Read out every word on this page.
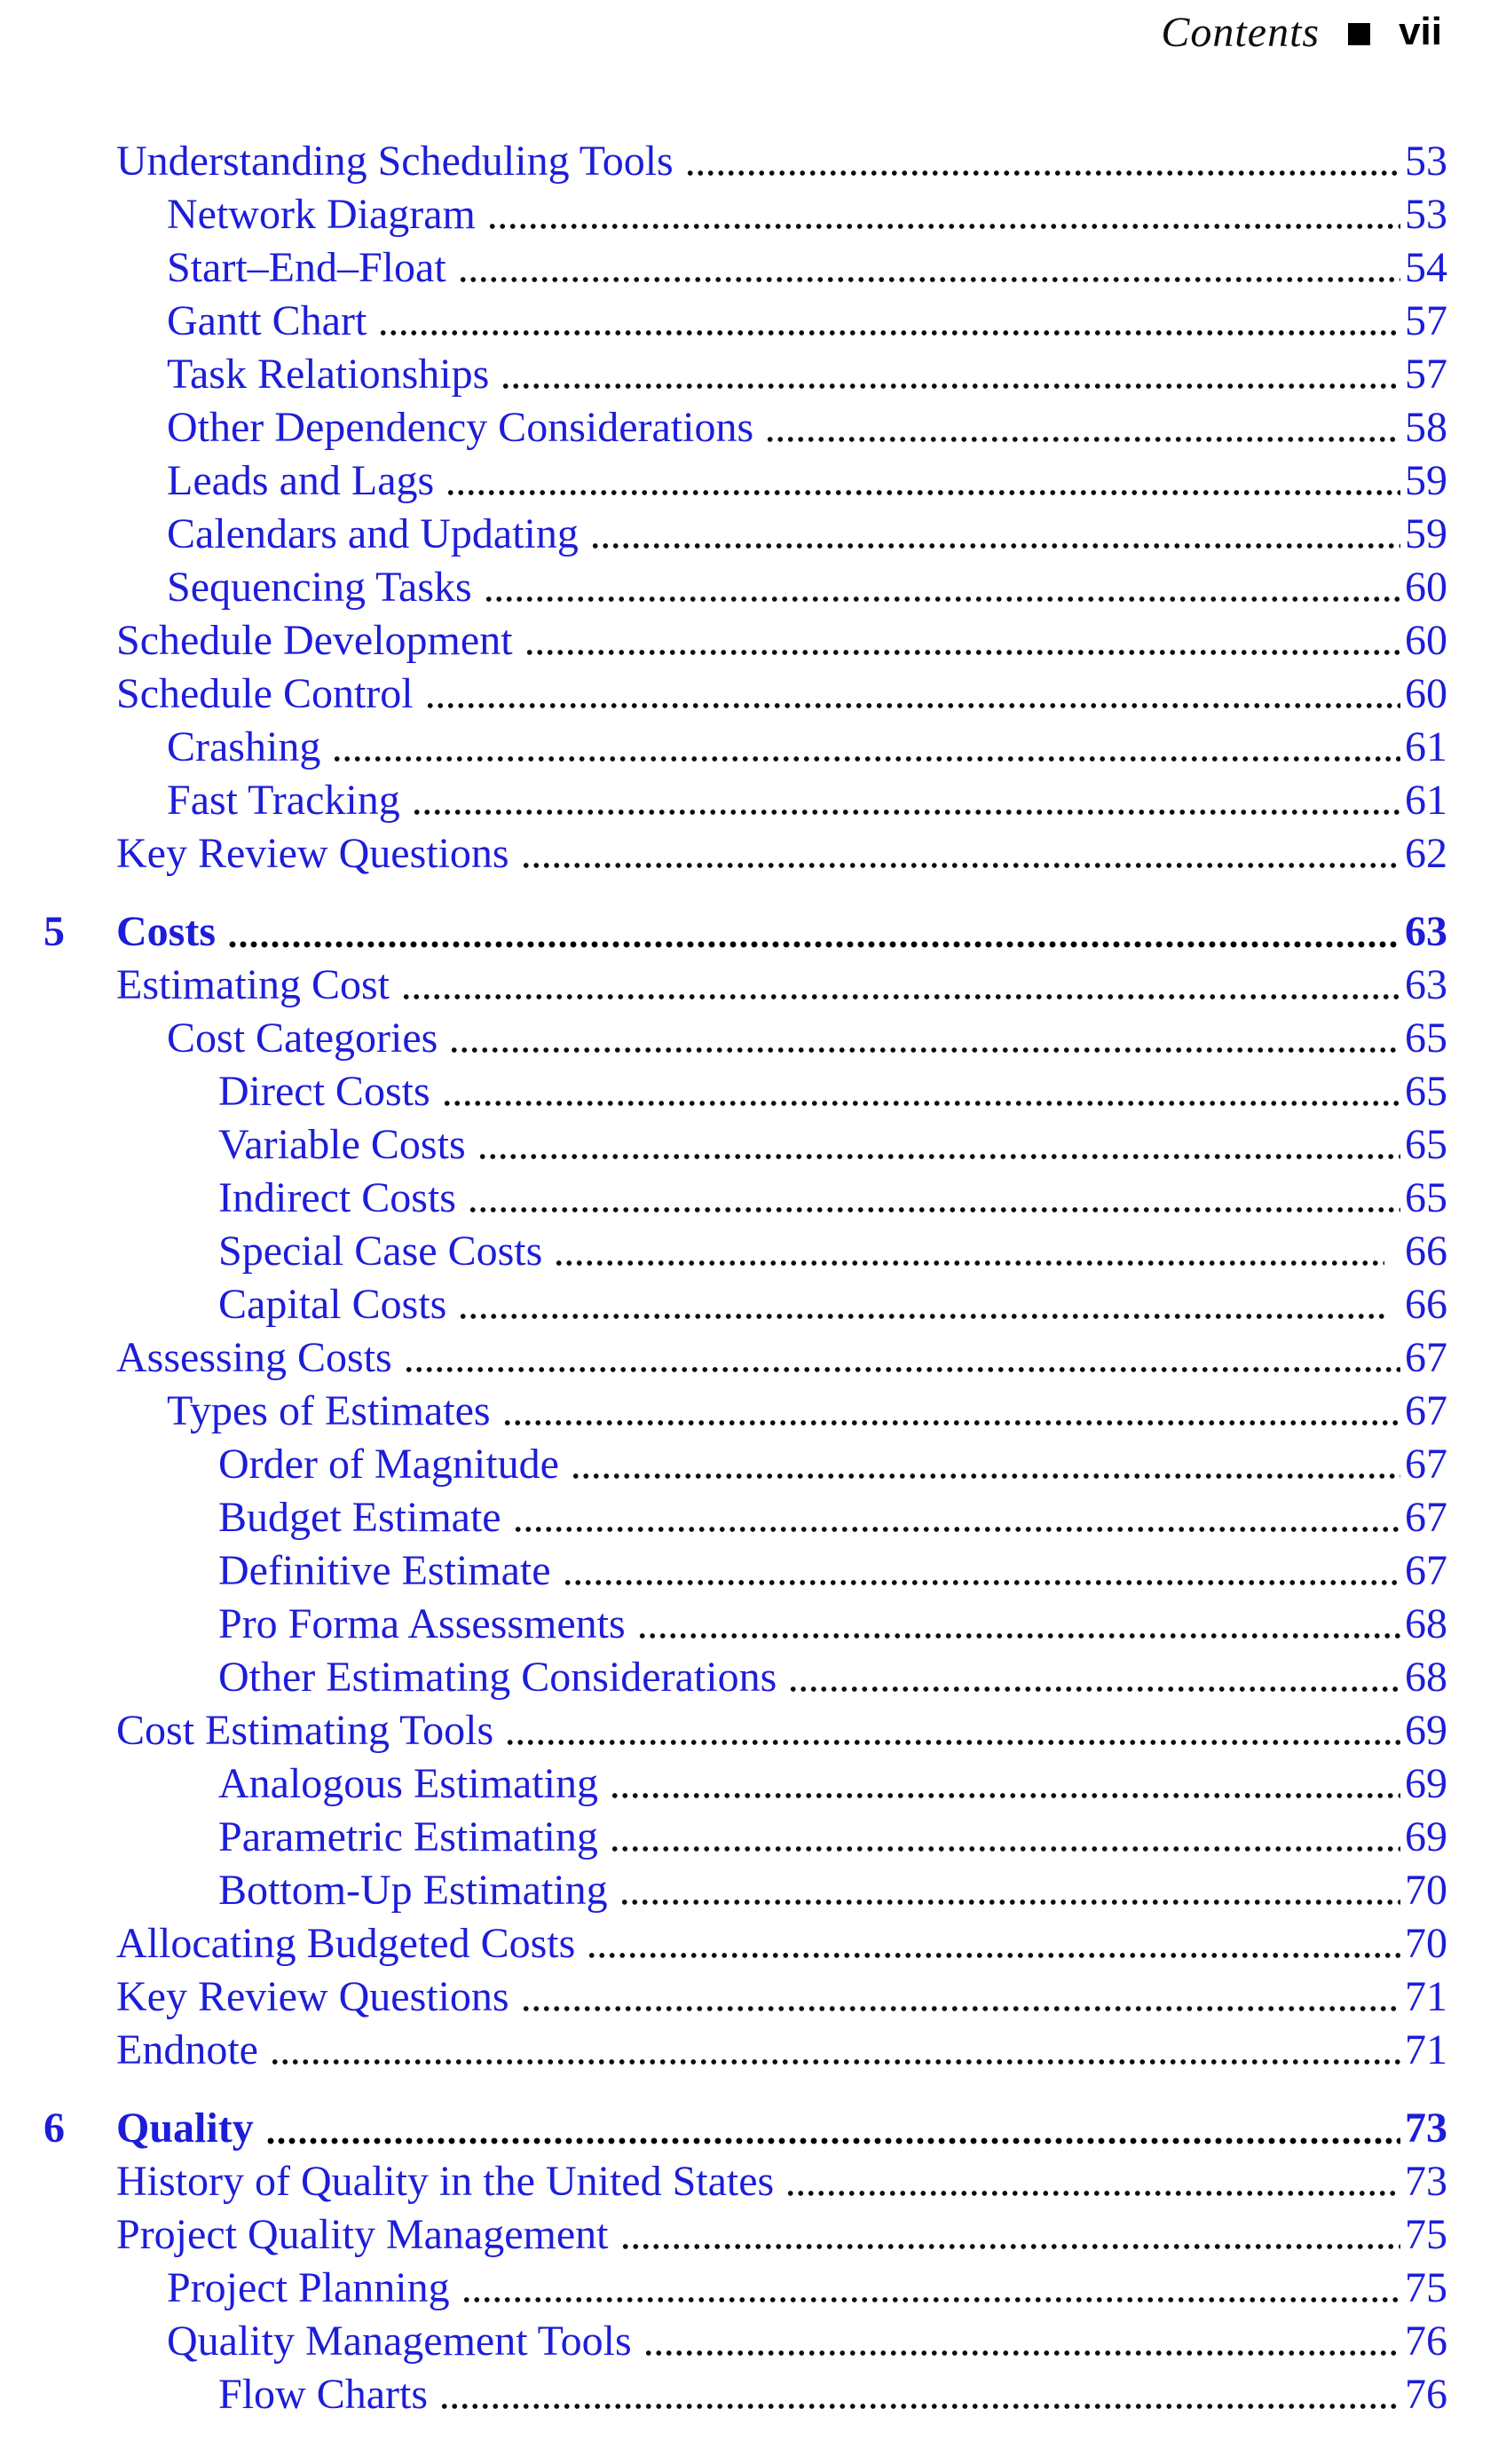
Contents vii
Understanding Scheduling Tools	53
Network Diagram	53
Start–End–Float	54
Gantt Chart	57
Task Relationships	57
Other Dependency Considerations	58
Leads and Lags	59
Calendars and Updating	59
Sequencing Tasks	60
Schedule Development	60
Schedule Control	60
Crashing	61
Fast Tracking	61
Key Review Questions	62
5 Costs	63
Estimating Cost	63
Cost Categories	65
Direct Costs	65
Variable Costs	65
Indirect Costs	65
Special Case Costs	66
Capital Costs	66
Assessing Costs	67
Types of Estimates	67
Order of Magnitude	67
Budget Estimate	67
Definitive Estimate	67
Pro Forma Assessments	68
Other Estimating Considerations	68
Cost Estimating Tools	69
Analogous Estimating	69
Parametric Estimating	69
Bottom-Up Estimating	70
Allocating Budgeted Costs	70
Key Review Questions	71
Endnote	71
6 Quality	73
History of Quality in the United States	73
Project Quality Management	75
Project Planning	75
Quality Management Tools	76
Flow Charts	76
